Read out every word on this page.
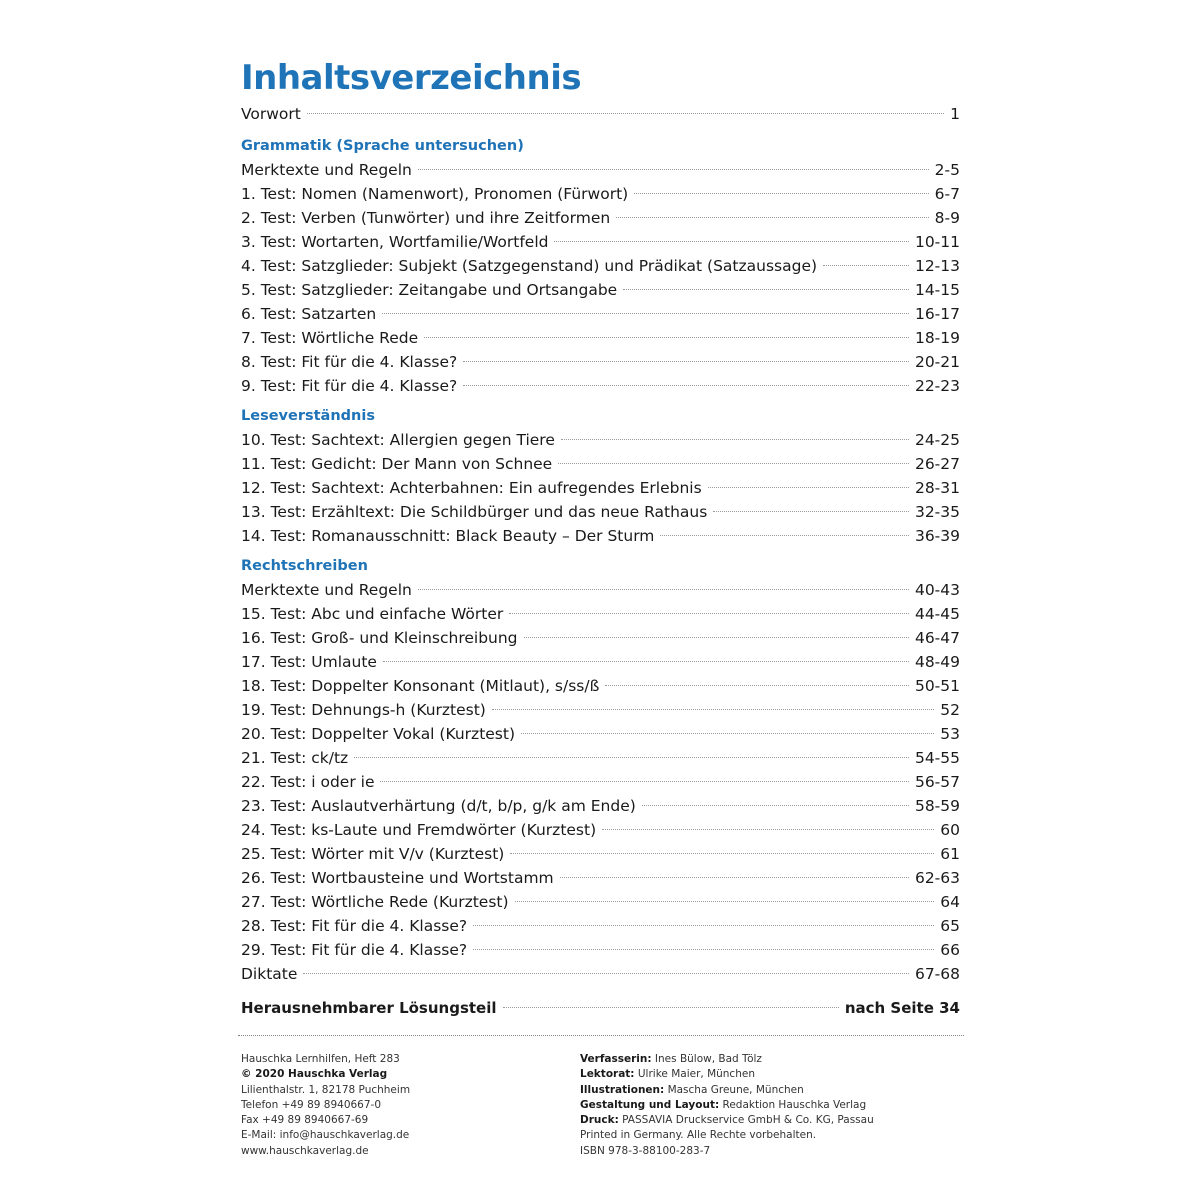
Inhaltsverzeichnis
Vorwort	1
Grammatik (Sprache untersuchen)
Merktexte und Regeln	2-5
1. Test: Nomen (Namenwort), Pronomen (Fürwort)	6-7
2. Test: Verben (Tunwörter) und ihre Zeitformen	8-9
3. Test: Wortarten, Wortfamilie/Wortfeld	10-11
4. Test: Satzglieder: Subjekt (Satzgegenstand) und Prädikat (Satzaussage)	12-13
5. Test: Satzglieder: Zeitangabe und Ortsangabe	14-15
6. Test: Satzarten	16-17
7. Test: Wörtliche Rede	18-19
8. Test: Fit für die 4. Klasse?	20-21
9. Test: Fit für die 4. Klasse?	22-23
Leseverständnis
10. Test: Sachtext: Allergien gegen Tiere	24-25
11. Test: Gedicht: Der Mann von Schnee	26-27
12. Test: Sachtext: Achterbahnen: Ein aufregendes Erlebnis	28-31
13. Test: Erzähltext: Die Schildbürger und das neue Rathaus	32-35
14. Test: Romanausschnitt: Black Beauty – Der Sturm	36-39
Rechtschreiben
Merktexte und Regeln	40-43
15. Test: Abc und einfache Wörter	44-45
16. Test: Groß- und Kleinschreibung	46-47
17. Test: Umlaute	48-49
18. Test: Doppelter Konsonant (Mitlaut), s/ss/ß	50-51
19. Test: Dehnungs-h (Kurztest)	52
20. Test: Doppelter Vokal (Kurztest)	53
21. Test: ck/tz	54-55
22. Test: i oder ie	56-57
23. Test: Auslautverhärtung (d/t, b/p, g/k am Ende)	58-59
24. Test: ks-Laute und Fremdwörter (Kurztest)	60
25. Test: Wörter mit V/v (Kurztest)	61
26. Test: Wortbausteine und Wortstamm	62-63
27. Test: Wörtliche Rede (Kurztest)	64
28. Test: Fit für die 4. Klasse?	65
29. Test: Fit für die 4. Klasse?	66
Diktate	67-68
Herausnehmbarer Lösungsteil	nach Seite 34
Hauschka Lernhilfen, Heft 283
© 2020 Hauschka Verlag
Lilienthalstr. 1, 82178 Puchheim
Telefon +49 89 8940667-0
Fax +49 89 8940667-69
E-Mail: info@hauschkaverlag.de
www.hauschkaverlag.de
Verfasserin: Ines Bülow, Bad Tölz
Lektorat: Ulrike Maier, München
Illustrationen: Mascha Greune, München
Gestaltung und Layout: Redaktion Hauschka Verlag
Druck: PASSAVIA Druckservice GmbH & Co. KG, Passau
Printed in Germany. Alle Rechte vorbehalten.
ISBN 978-3-88100-283-7
